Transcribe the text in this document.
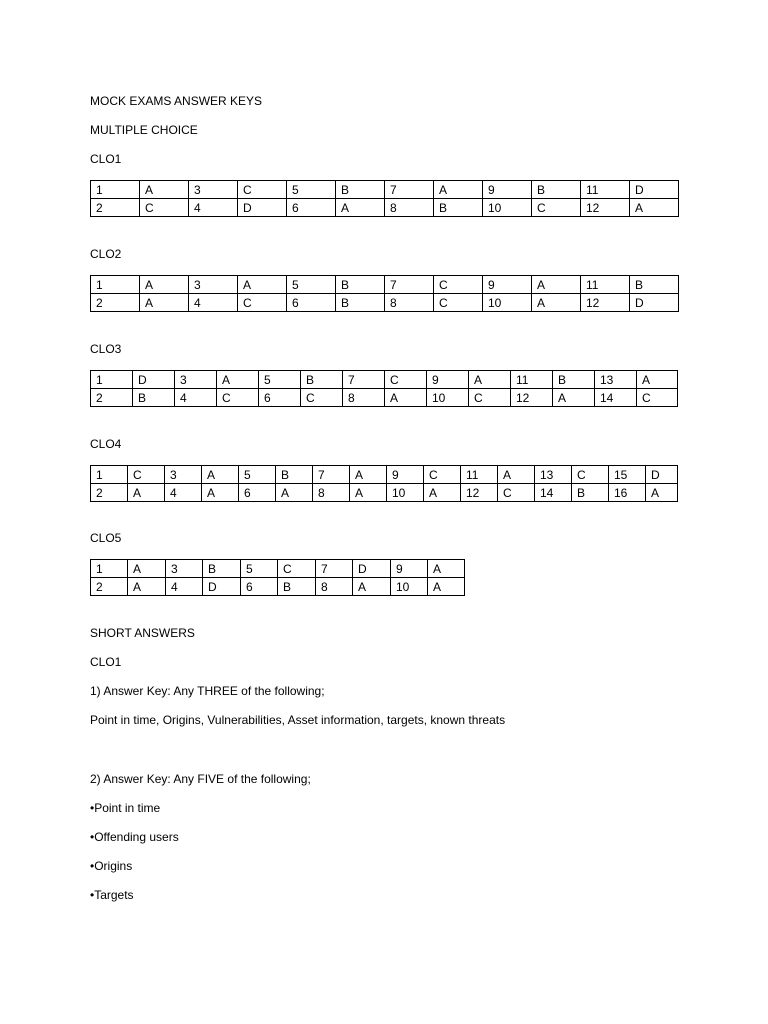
MOCK EXAMS ANSWER KEYS
MULTIPLE CHOICE
CLO1
1	A	3	C	5	B	7	A	9	B	11	D
2	C	4	D	6	A	8	B	10	C	12	A
CLO2
1	A	3	A	5	B	7	C	9	A	11	B
2	A	4	C	6	B	8	C	10	A	12	D
CLO3
1	D	3	A	5	B	7	C	9	A	11	B	13	A
2	B	4	C	6	C	8	A	10	C	12	A	14	C
CLO4
1	C	3	A	5	B	7	A	9	C	11	A	13	C	15	D
2	A	4	A	6	A	8	A	10	A	12	C	14	B	16	A
CLO5
1	A	3	B	5	C	7	D	9	A
2	A	4	D	6	B	8	A	10	A
SHORT ANSWERS
CLO1
1) Answer Key: Any THREE of the following;
Point in time, Origins, Vulnerabilities, Asset information, targets, known threats
2) Answer Key: Any FIVE of the following;
•Point in time
•Offending users
•Origins
•Targets
